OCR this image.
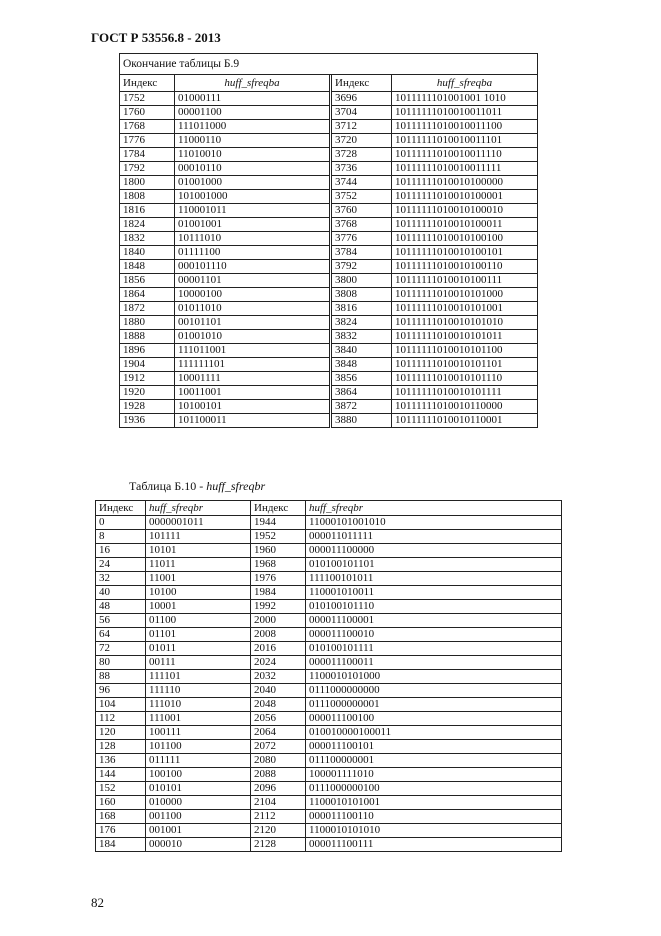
ГОСТ Р 53556.8 - 2013
Окончание таблицы Б.9				
Индекс	huff_sfreqba		Индекс	huff_sfreqba
1752	01000111		3696	1011111101001001 1010
1760	00001100		3704	10111111010010011011
1768	111011000		3712	10111111010010011100
1776	11000110		3720	10111111010010011101
1784	11010010		3728	10111111010010011110
1792	00010110		3736	10111111010010011111
1800	01001000		3744	10111111010010100000
1808	101001000		3752	10111111010010100001
1816	110001011		3760	10111111010010100010
1824	01001001		3768	10111111010010100011
1832	10111010		3776	10111111010010100100
1840	01111100		3784	10111111010010100101
1848	000101110		3792	10111111010010100110
1856	00001101		3800	10111111010010100111
1864	10000100		3808	10111111010010101000
1872	01011010		3816	10111111010010101001
1880	00101101		3824	10111111010010101010
1888	01001010		3832	10111111010010101011
1896	111011001		3840	10111111010010101100
1904	111111101		3848	10111111010010101101
1912	10001111		3856	10111111010010101110
1920	10011001		3864	10111111010010101111
1928	10100101		3872	10111111010010110000
1936	101100011		3880	10111111010010110001
Таблица Б.10 - huff_sfreqbr
Индекс	huff_sfreqbr	Индекс	huff_sfreqbr
0	0000001011	1944	11000101001010
8	101111	1952	000011011111
16	10101	1960	000011100000
24	11011	1968	010100101101
32	11001	1976	111100101011
40	10100	1984	110001010011
48	10001	1992	010100101110
56	01100	2000	000011100001
64	01101	2008	000011100010
72	01011	2016	010100101111
80	00111	2024	000011100011
88	111101	2032	1100010101000
96	111110	2040	0111000000000
104	111010	2048	0111000000001
112	111001	2056	000011100100
120	100111	2064	010010000100011
128	101100	2072	000011100101
136	011111	2080	011100000001
144	100100	2088	100001111010
152	010101	2096	0111000000100
160	010000	2104	1100010101001
168	001100	2112	000011100110
176	001001	2120	1100010101010
184	000010	2128	000011100111
82
